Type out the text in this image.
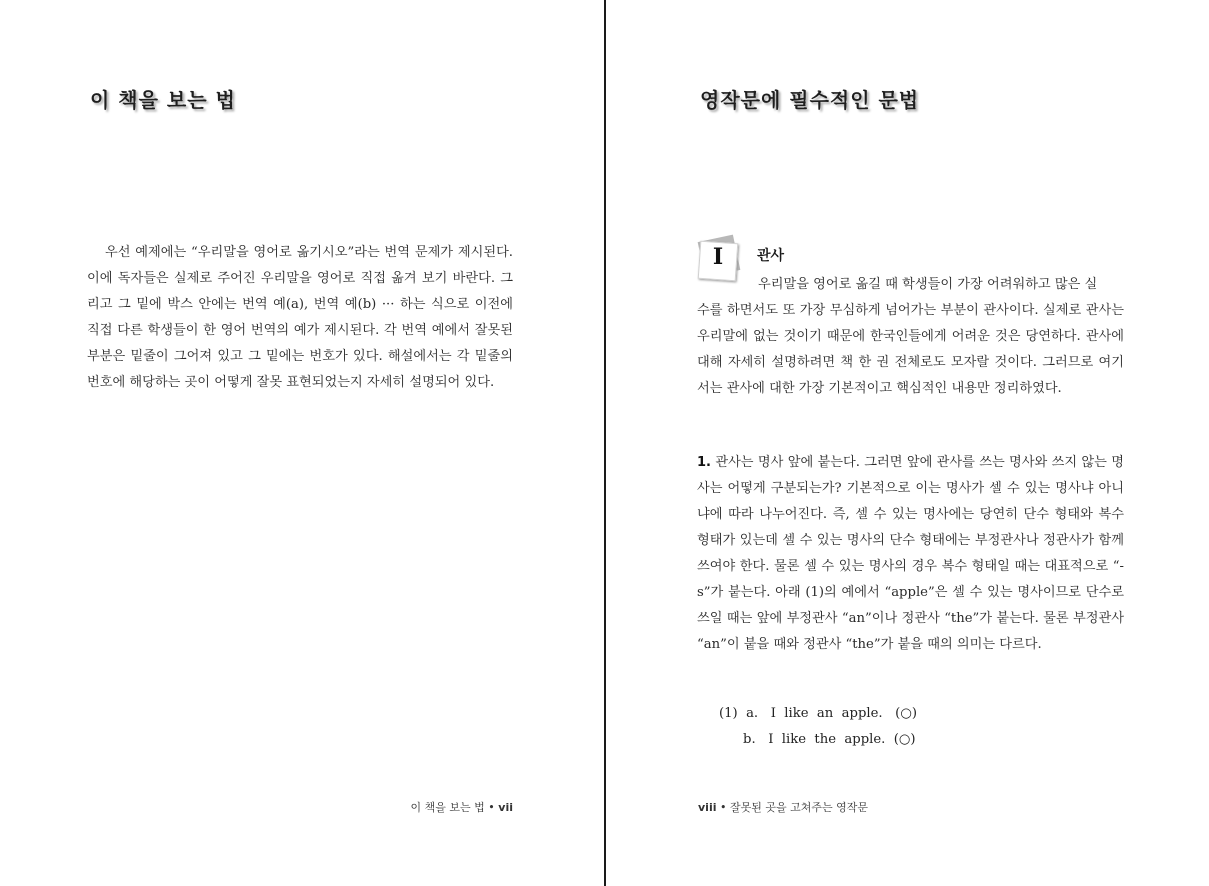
이 책을 보는 법

우선 예제에는 “우리말을 영어로 옮기시오”라는 번역 문제가 제시된다. 이에 독자들은 실제로 주어진 우리말을 영어로 직접 옮겨 보기 바란다. 그리고 그 밑에 박스 안에는 번역 예(a), 번역 예(b) ··· 하는 식으로 이전에 직접 다른 학생들이 한 영어 번역의 예가 제시된다. 각 번역 예에서 잘못된 부분은 밑줄이 그어져 있고 그 밑에는 번호가 있다. 해설에서는 각 밑줄의 번호에 해당하는 곳이 어떻게 잘못 표현되었는지 자세히 설명되어 있다.

이 책을 보는 법 • vii
영작문에 필수적인 문법
I	관사

우리말을 영어로 옮길 때 학생들이 가장 어려워하고 많은 실
수를 하면서도 또 가장 무심하게 넘어가는 부분이 관사이다. 실제로 관사는 우리말에 없는 것이기 때문에 한국인들에게 어려운 것은 당연하다. 관사에 대해 자세히 설명하려면 책 한 권 전체로도 모자랄 것이다. 그러므로 여기서는 관사에 대한 가장 기본적이고 핵심적인 내용만 정리하였다.

1. 관사는 명사 앞에 붙는다. 그러면 앞에 관사를 쓰는 명사와 쓰지 않는 명사는 어떻게 구분되는가? 기본적으로 이는 명사가 셀 수 있는 명사냐 아니냐에 따라 나누어진다. 즉, 셀 수 있는 명사에는 당연히 단수 형태와 복수 형태가 있는데 셀 수 있는 명사의 단수 형태에는 부정관사나 정관사가 함께 쓰여야 한다. 물론 셀 수 있는 명사의 경우 복수 형태일 때는 대표적으로 “-s”가 붙는다. 아래 (1)의 예에서 “apple”은 셀 수 있는 명사이므로 단수로 쓰일 때는 앞에 부정관사 “an”이나 정관사 “the”가 붙는다. 물론 부정관사 “an”이 붙을 때와 정관사 “the”가 붙을 때의 의미는 다르다.

(1)  a.   I  like  an  apple.   (○)
b.   I  like  the  apple.  (○)
viii • 잘못된 곳을 고쳐주는 영작문
